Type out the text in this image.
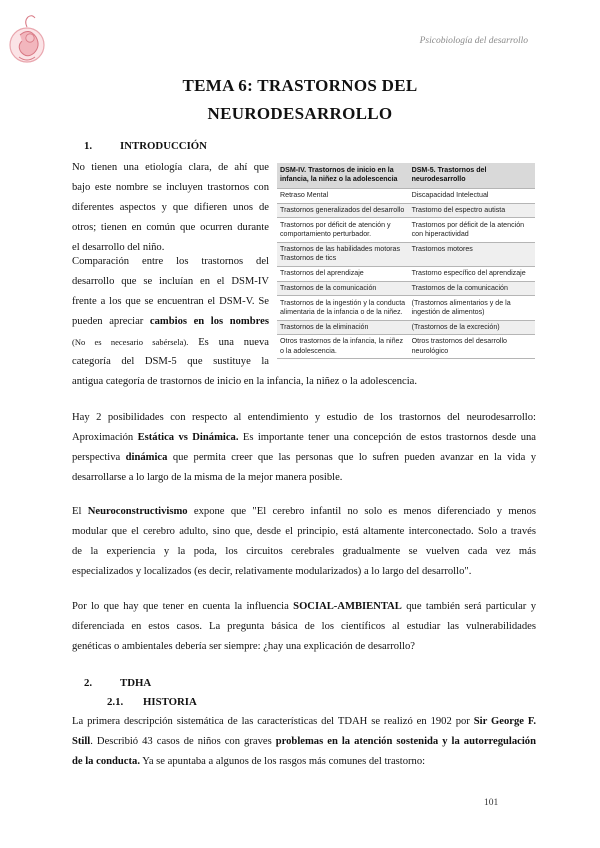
Psicobiología del desarrollo
TEMA 6: TRASTORNOS DEL
NEURODESARROLLO
1.	INTRODUCCIÓN
No tienen una etiología clara, de ahí que
bajo este nombre se incluyen trastornos con
diferentes aspectos y que difieren unos de
otros; tienen en común que ocurren durante
el desarrollo del niño.
Comparación entre los trastornos del
desarrollo que se incluían en el DSM-IV
frente a los que se encuentran el DSM-V. Se
pueden apreciar cambios en los nombres
(No es necesario sabérsela). Es una nueva
categoría del DSM-5 que sustituye la
antigua categoría de trastornos de inicio en la infancia, la niñez o la adolescencia.
DSM-IV. Trastornos de inicio en la infancia, la niñez o la adolescencia	DSM-5. Trastornos del neurodesarrollo
Retraso Mental	Discapacidad Intelectual
Trastornos generalizados del desarrollo	Trastorno del espectro autista
Trastornos por déficit de atención y comportamiento perturbador.	Trastornos por déficit de la atención con hiperactividad
Trastornos de las habilidades motoras Trastornos de tics	Trastornos motores
Trastornos del aprendizaje	Trastorno específico del aprendizaje
Trastornos de la comunicación	Trastornos de la comunicación
Trastornos de la ingestión y la conducta alimentaria de la infancia o de la niñez.	(Trastornos alimentarios y de la ingestión de alimentos)
Trastornos de la eliminación	(Trastornos de la excreción)
Otros trastornos de la infancia, la niñez o la adolescencia.	Otros trastornos del desarrollo neurológico
Hay 2 posibilidades con respecto al entendimiento y estudio de los trastornos del neurodesarrollo:
Aproximación Estática vs Dinámica. Es importante tener una concepción de estos trastornos desde una
perspectiva dinámica que permita creer que las personas que lo sufren pueden avanzar en la vida y
desarrollarse a lo largo de la misma de la mejor manera posible.
El Neuroconstructivismo expone que "El cerebro infantil no solo es menos diferenciado y menos
modular que el cerebro adulto, sino que, desde el principio, está altamente interconectado. Solo a través
de la experiencia y la poda, los circuitos cerebrales gradualmente se vuelven cada vez más
especializados y localizados (es decir, relativamente modularizados) a lo largo del desarrollo".
Por lo que hay que tener en cuenta la influencia SOCIAL-AMBIENTAL que también será particular y
diferenciada en estos casos. La pregunta básica de los científicos al estudiar las vulnerabilidades
genéticas o ambientales debería ser siempre: ¿hay una explicación de desarrollo?
2.	TDHA
2.1. HISTORIA
La primera descripción sistemática de las características del TDAH se realizó en 1902 por Sir George F.
Still. Describió 43 casos de niños con graves problemas en la atención sostenida y la autorregulación
de la conducta. Ya se apuntaba a algunos de los rasgos más comunes del trastorno:
101
